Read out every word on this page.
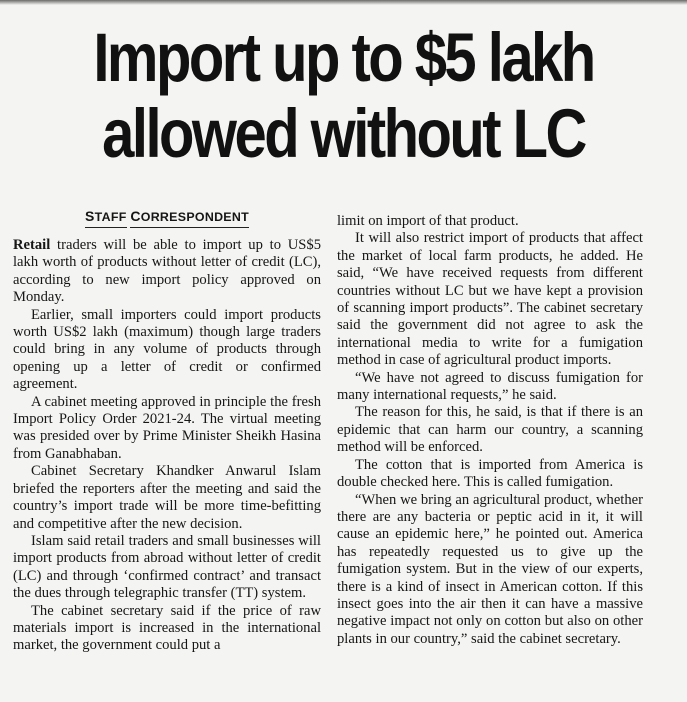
Import up to $5 lakh
allowed without LC
STAFF CORRESPONDENT

Retail traders will be able to import up to US$5 lakh worth of products without letter of credit (LC), according to new import policy approved on Monday.

Earlier, small importers could import products worth US$2 lakh (maximum) though large traders could bring in any volume of products through opening up a letter of credit or confirmed agreement.

A cabinet meeting approved in principle the fresh Import Policy Order 2021-24. The virtual meeting was presided over by Prime Minister Sheikh Hasina from Ganabhaban.

Cabinet Secretary Khandker Anwarul Islam briefed the reporters after the meeting and said the country’s import trade will be more time-befitting and competitive after the new decision.

Islam said retail traders and small businesses will import products from abroad without letter of credit (LC) and through ‘confirmed contract’ and transact the dues through telegraphic transfer (TT) system.

The cabinet secretary said if the price of raw materials import is increased in the international market, the government could put a

limit on import of that product.

It will also restrict import of products that affect the market of local farm products, he added. He said, “We have received requests from different countries without LC but we have kept a provision of scanning import products”. The cabinet secretary said the government did not agree to ask the international media to write for a fumigation method in case of agricultural product imports.

“We have not agreed to discuss fumigation for many international requests,” he said.

The reason for this, he said, is that if there is an epidemic that can harm our country, a scanning method will be enforced.

The cotton that is imported from America is double checked here. This is called fumigation.

“When we bring an agricultural product, whether there are any bacteria or peptic acid in it, it will cause an epidemic here,” he pointed out. America has repeatedly requested us to give up the fumigation system. But in the view of our experts, there is a kind of insect in American cotton. If this insect goes into the air then it can have a massive negative impact not only on cotton but also on other plants in our country,” said the cabinet secretary.
